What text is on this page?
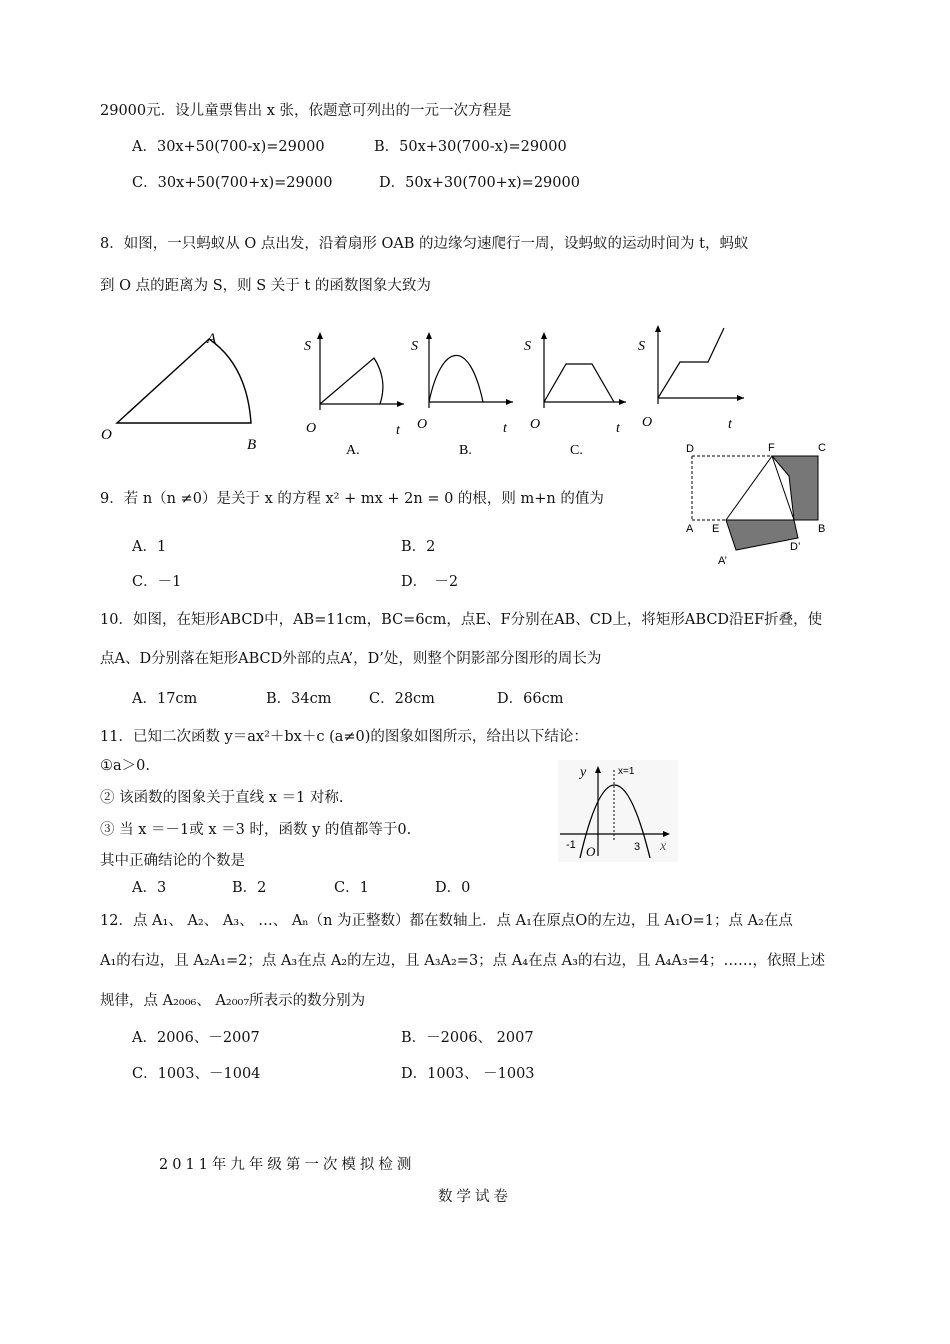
29000元．设儿童票售出 x 张，依题意可列出的一元一次方程是
A．30x+50(700-x)=29000	B．50x+30(700-x)=29000
C．30x+50(700+x)=29000	D．50x+30(700+x)=29000
8．如图，一只蚂蚁从 O 点出发，沿着扇形 OAB 的边缘匀速爬行一周，设蚂蚁的运动时间为 t，蚂蚁
到 O 点的距离为 S，则 S 关于 t 的函数图象大致为
A
O
B
S
O	t
A.
S
O	t
B.
S
O	t
C.
S
O	t
9．若 n（n ≠0）是关于 x 的方程 x² + mx + 2n = 0 的根，则 m+n 的值为
A．1	B．2
C．－1	D．　－2
D	F	C
A E	B
A’
D’
10．如图，在矩形ABCD中，AB=11cm，BC=6cm，点E、F分别在AB、CD上，将矩形ABCD沿EF折叠，使
点A、D分别落在矩形ABCD外部的点A’，D’处，则整个阴影部分图形的周长为
A．17cm	B．34cm	C．28cm	D．66cm
11．已知二次函数 y＝ax²＋bx＋c (a≠0)的图象如图所示，给出以下结论：
①a＞0.
② 该函数的图象关于直线 x ＝1 对称.
③ 当 x ＝－1或 x ＝3 时，函数 y 的值都等于0.
其中正确结论的个数是
A．3	B．2	C．1	D．0
y	x=1
x
-1 O	3
12．点 A₁、 A₂、 A₃、 …、 Aₙ（n 为正整数）都在数轴上．点 A₁在原点O的左边，且 A₁O=1；点 A₂在点
A₁的右边，且 A₂A₁=2；点 A₃在点 A₂的左边，且 A₃A₂=3；点 A₄在点 A₃的右边，且 A₄A₃=4；……，依照上述
规律，点 A₂₀₀₆、 A₂₀₀₇所表示的数分别为
A．2006、－2007	B．－2006、 2007
C．1003、－1004	D．1003、 －1003
2011年九年级第一次模拟检测
数学试卷
